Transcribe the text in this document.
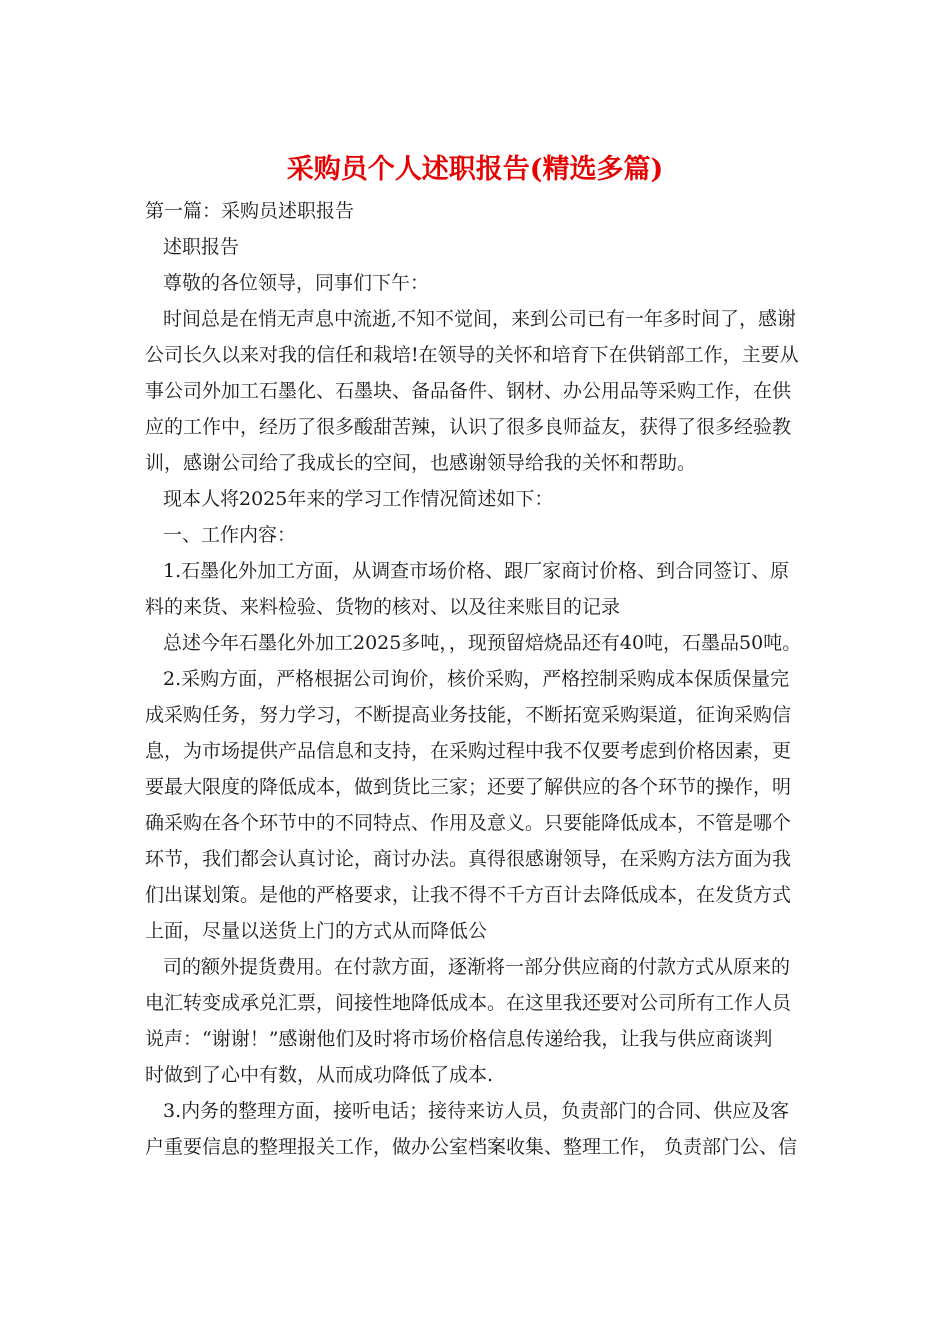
采购员个人述职报告(精选多篇)
第一篇：采购员述职报告
述职报告
尊敬的各位领导，同事们下午：
时间总是在悄无声息中流逝,不知不觉间，来到公司已有一年多时间了，感谢
公司长久以来对我的信任和栽培!在领导的关怀和培育下在供销部工作，主要从
事公司外加工石墨化、石墨块、备品备件、钢材、办公用品等采购工作，在供
应的工作中，经历了很多酸甜苦辣，认识了很多良师益友，获得了很多经验教
训，感谢公司给了我成长的空间，也感谢领导给我的关怀和帮助。
现本人将2025年来的学习工作情况简述如下：
一、工作内容：
1.石墨化外加工方面，从调查市场价格、跟厂家商讨价格、到合同签订、原
料的来货、来料检验、货物的核对、以及往来账目的记录
总述今年石墨化外加工2025多吨，，现预留焙烧品还有40吨，石墨品50吨。
2.采购方面，严格根据公司询价，核价采购，严格控制采购成本保质保量完
成采购任务，努力学习，不断提高业务技能，不断拓宽采购渠道，征询采购信
息，为市场提供产品信息和支持，在采购过程中我不仅要考虑到价格因素，更
要最大限度的降低成本，做到货比三家；还要了解供应的各个环节的操作，明
确采购在各个环节中的不同特点、作用及意义。只要能降低成本，不管是哪个
环节，我们都会认真讨论，商讨办法。真得很感谢领导，在采购方法方面为我
们出谋划策。是他的严格要求，让我不得不千方百计去降低成本，在发货方式
上面，尽量以送货上门的方式从而降低公
司的额外提货费用。在付款方面，逐渐将一部分供应商的付款方式从原来的
电汇转变成承兑汇票，间接性地降低成本。在这里我还要对公司所有工作人员
说声：“谢谢！”感谢他们及时将市场价格信息传递给我，让我与供应商谈判
时做到了心中有数，从而成功降低了成本.
3.内务的整理方面，接听电话；接待来访人员，负责部门的合同、供应及客
户重要信息的整理报关工作，做办公室档案收集、整理工作， 负责部门公、信
